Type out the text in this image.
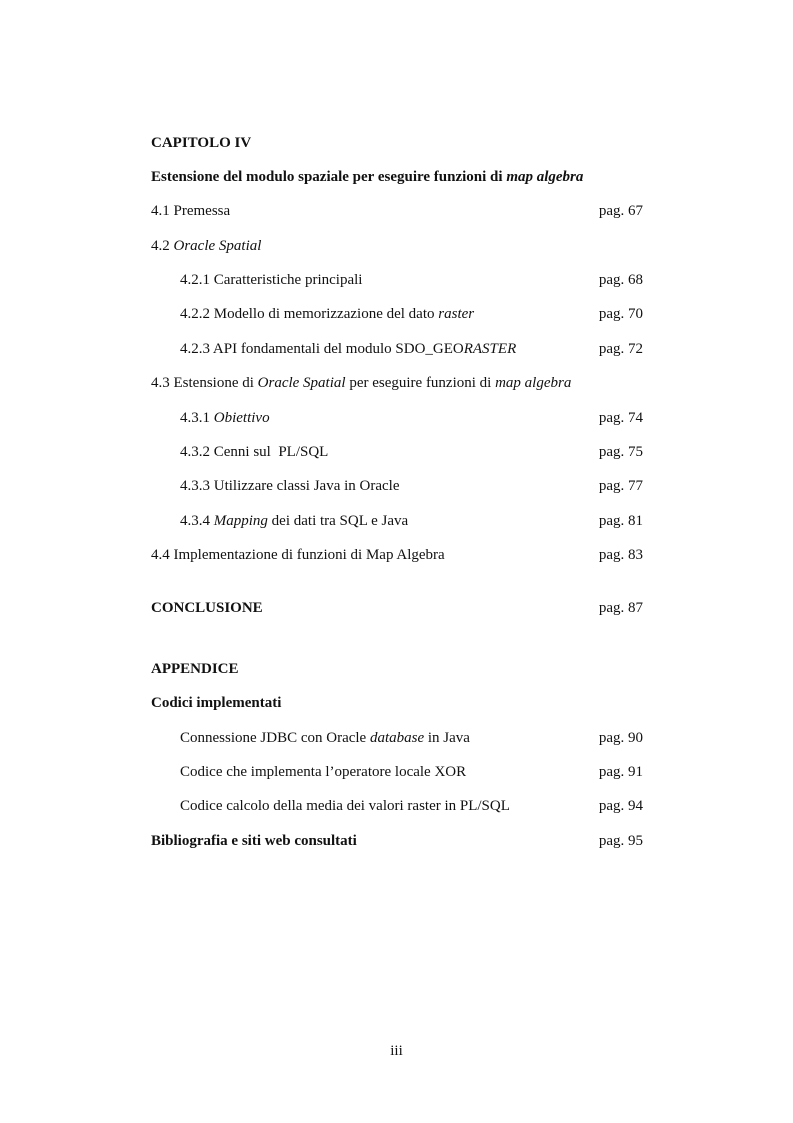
CAPITOLO IV
Estensione del modulo spaziale per eseguire funzioni di map algebra
4.1 Premessa	pag. 67
4.2 Oracle Spatial
4.2.1 Caratteristiche principali	pag. 68
4.2.2 Modello di memorizzazione del dato raster	pag. 70
4.2.3 API fondamentali del modulo SDO_GEORASTER	pag. 72
4.3 Estensione di Oracle Spatial per eseguire funzioni di map algebra
4.3.1 Obiettivo	pag. 74
4.3.2 Cenni sul  PL/SQL	pag. 75
4.3.3 Utilizzare classi Java in Oracle	pag. 77
4.3.4 Mapping dei dati tra SQL e Java	pag. 81
4.4 Implementazione di funzioni di Map Algebra	pag. 83
CONCLUSIONE	pag. 87
APPENDICE
Codici implementati
Connessione JDBC con Oracle database in Java	pag. 90
Codice che implementa l’operatore locale XOR	pag. 91
Codice calcolo della media dei valori raster in PL/SQL	pag. 94
Bibliografia e siti web consultati	pag. 95
iii
